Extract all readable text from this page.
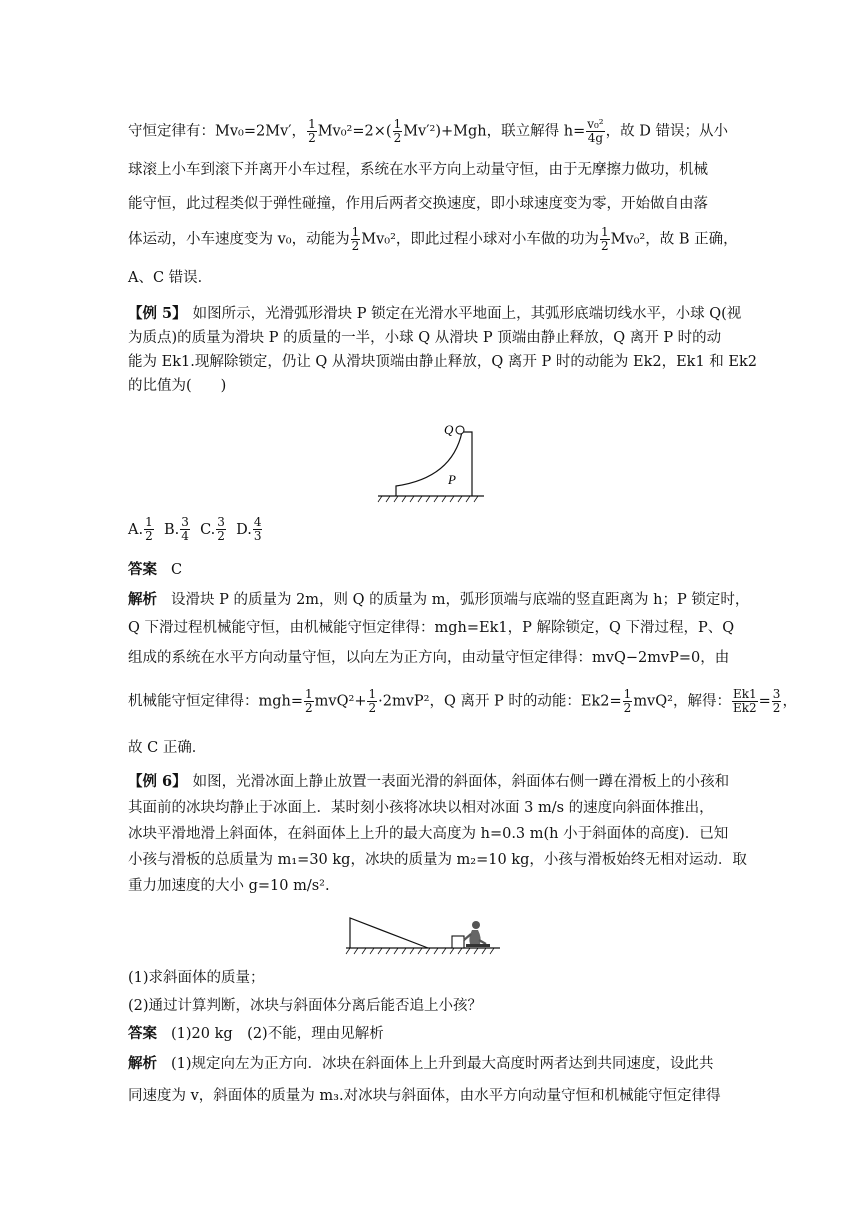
守恒定律有：Mv₀=2Mv′， $\frac{1}{2} Mv_0^2=2\times( \frac{1}{2} Mv'^2)+Mgh$，联立解得 $h= \frac{\text{v₀²}}{4g}$ ，故 D 错误；从小
球滚上小车到滚下并离开小车过程，系统在水平方向上动量守恒，由于无摩擦力做功，机械
能守恒，此过程类似于弹性碰撞，作用后两者交换速度，即小球速度变为零，开始做自由落
体运动，小车速度变为 v₀，动能为 $\frac{1}{2} Mv_0^2$，即此过程小球对小车做的功为 $\frac{1}{2} Mv_0^2$，故 B 正确，
A、C 错误．
【例 5】 如图所示，光滑弧形滑块 P 锁定在光滑水平地面上，其弧形底端切线水平，小球 Q(视
为质点)的质量为滑块 P 的质量的一半，小球 Q 从滑块 P 顶端由静止释放，Q 离开 P 时的动
能为 Ek1.现解除锁定，仍让 Q 从滑块顶端由静止释放，Q 离开 P 时的动能为 Ek2，Ek1 和 Ek2
的比值为(　　)
Q
P
A. $\frac{1}{2} B$. $\frac{3}{4} C$. $\frac{3}{2} D$. $\frac{4}{3}$
答案 C
解析 设滑块 P 的质量为 2m，则 Q 的质量为 m，弧形顶端与底端的竖直距离为 h；P 锁定时，
Q 下滑过程机械能守恒，由机械能守恒定律得：mgh=Ek1，P 解除锁定，Q 下滑过程，P、Q
组成的系统在水平方向动量守恒，以向左为正方向，由动量守恒定律得：mvQ−2mvP=0，由
机械能守恒定律得：$mgh= \frac{1}{2} mvQ^2+ \frac{1}{2} \cdot 2mvP^2$，Q 离开 P 时的动能：$Ek2= \frac{1}{2} mvQ^2$，解得： $\frac{Ek1}{Ek2} = \frac{3}{2}$ ，
故 C 正确．
【例 6】 如图，光滑冰面上静止放置一表面光滑的斜面体，斜面体右侧一蹲在滑板上的小孩和
其面前的冰块均静止于冰面上．某时刻小孩将冰块以相对冰面 3 m/s 的速度向斜面体推出，
冰块平滑地滑上斜面体，在斜面体上上升的最大高度为 h=0.3 m(h 小于斜面体的高度)．已知
小孩与滑板的总质量为 m₁=30 kg，冰块的质量为 m₂=10 kg，小孩与滑板始终无相对运动．取
重力加速度的大小 g=10 m/s².
(1)求斜面体的质量；
(2)通过计算判断，冰块与斜面体分离后能否追上小孩？
答案 (1)20 kg　(2)不能，理由见解析
解析 (1)规定向左为正方向．冰块在斜面体上上升到最大高度时两者达到共同速度，设此共
同速度为 v，斜面体的质量为 m₃.对冰块与斜面体，由水平方向动量守恒和机械能守恒定律得
